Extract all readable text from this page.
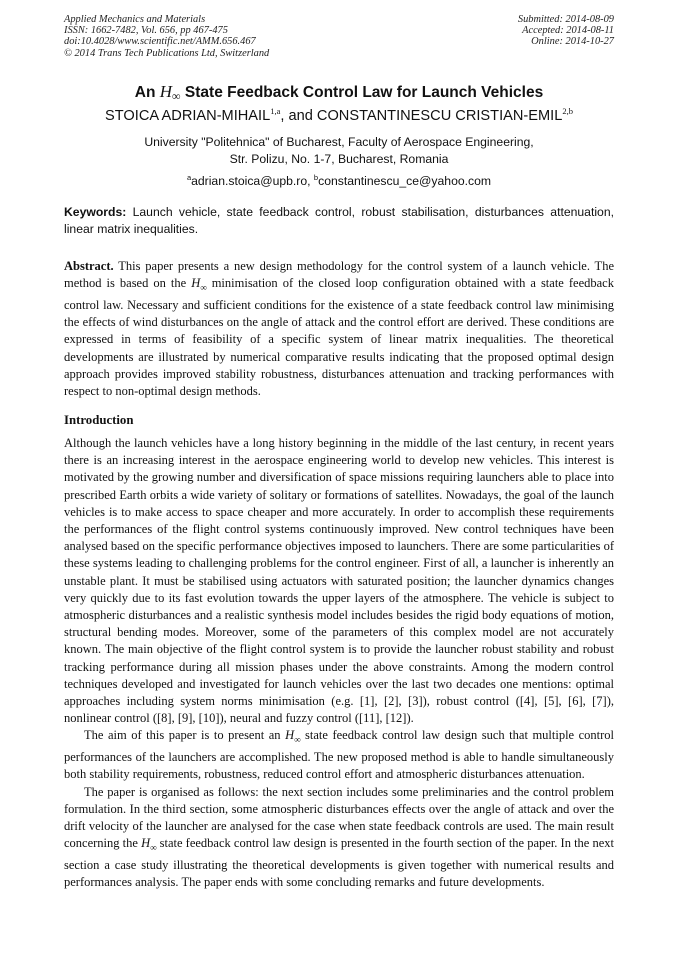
Applied Mechanics and Materials
ISSN: 1662-7482, Vol. 656, pp 467-475
doi:10.4028/www.scientific.net/AMM.656.467
© 2014 Trans Tech Publications Ltd, Switzerland
Submitted: 2014-08-09
Accepted: 2014-08-11
Online: 2014-10-27
An $H_\infty$ State Feedback Control Law for Launch Vehicles
STOICA ADRIAN-MIHAIL$^{1,a}$, and CONSTANTINESCU CRISTIAN-EMIL$^{2,b}$
University "Politehnica" of Bucharest, Faculty of Aerospace Engineering,
Str. Polizu, No. 1-7, Bucharest, Romania
$^a$adrian.stoica@upb.ro, $^b$constantinescu_ce@yahoo.com
Keywords: Launch vehicle, state feedback control, robust stabilisation, disturbances attenuation, linear matrix inequalities.
Abstract. This paper presents a new design methodology for the control system of a launch vehicle. The method is based on the $H_\infty$ minimisation of the closed loop configuration obtained with a state feedback control law. Necessary and sufficient conditions for the existence of a state feedback control law minimising the effects of wind disturbances on the angle of attack and the control effort are derived. These conditions are expressed in terms of feasibility of a specific system of linear matrix inequalities. The theoretical developments are illustrated by numerical comparative results indicating that the proposed optimal design approach provides improved stability robustness, disturbances attenuation and tracking performances with respect to non-optimal design methods.
Introduction

Although the launch vehicles have a long history beginning in the middle of the last century, in recent years there is an increasing interest in the aerospace engineering world to develop new vehicles. This interest is motivated by the growing number and diversification of space missions requiring launchers able to place into prescribed Earth orbits a wide variety of solitary or formations of satellites. Nowadays, the goal of the launch vehicles is to make access to space cheaper and more accurately. In order to accomplish these requirements the performances of the flight control systems continuously improved. New control techniques have been analysed based on the specific performance objectives imposed to launchers. There are some particularities of these systems leading to challenging problems for the control engineer. First of all, a launcher is inherently an unstable plant. It must be stabilised using actuators with saturated position; the launcher dynamics changes very quickly due to its fast evolution towards the upper layers of the atmosphere. The vehicle is subject to atmospheric disturbances and a realistic synthesis model includes besides the rigid body equations of motion, structural bending modes. Moreover, some of the parameters of this complex model are not accurately known. The main objective of the flight control system is to provide the launcher robust stability and robust tracking performance during all mission phases under the above constraints. Among the modern control techniques developed and investigated for launch vehicles over the last two decades one mentions: optimal approaches including system norms minimisation (e.g. [1], [2], [3]), robust control ([4], [5], [6], [7]), nonlinear control ([8], [9], [10]), neural and fuzzy control ([11], [12]).

The aim of this paper is to present an $H_\infty$ state feedback control law design such that multiple control performances of the launchers are accomplished. The new proposed method is able to handle simultaneously both stability requirements, robustness, reduced control effort and atmospheric disturbances attenuation.

The paper is organised as follows: the next section includes some preliminaries and the control problem formulation. In the third section, some atmospheric disturbances effects over the angle of attack and over the drift velocity of the launcher are analysed for the case when state feedback controls are used. The main result concerning the $H_\infty$ state feedback control law design is presented in the fourth section of the paper. In the next section a case study illustrating the theoretical developments is given together with numerical results and performances analysis. The paper ends with some concluding remarks and future developments.
